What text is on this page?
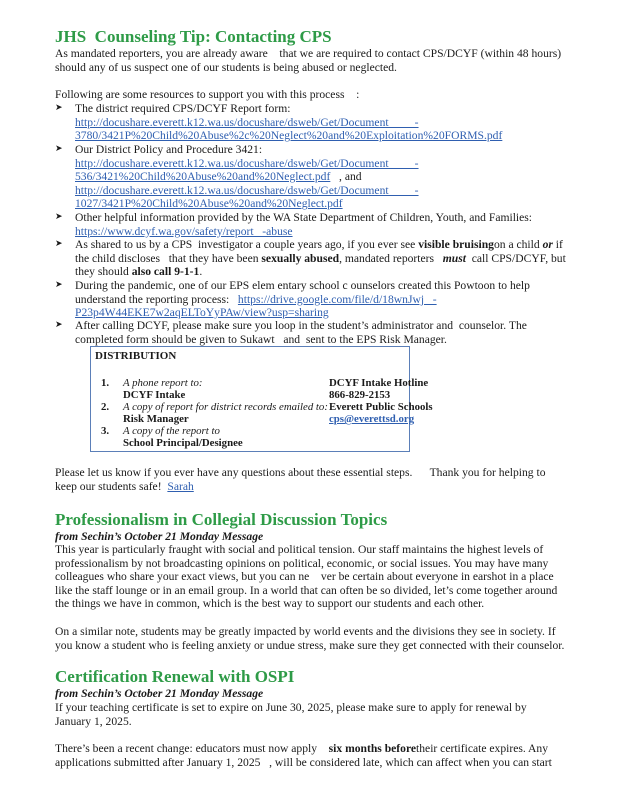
JHS  Counseling Tip: Contacting CPS
As mandated reporters, you are already aware    that we are required to contact CPS/DCYF (within 48 hours)
should any of us suspect one of our students is being abused or neglected.
Following are some resources to support you with this process    :
➤ The district required CPS/DCYF Report form:
http://docushare.everett.k12.wa.us/docushare/dsweb/Get/Document         -
3780/3421P%20Child%20Abuse%2c%20Neglect%20and%20Exploitation%20FORMS.pdf
➤ Our District Policy and Procedure 3421:
http://docushare.everett.k12.wa.us/docushare/dsweb/Get/Document         -
536/3421%20Child%20Abuse%20and%20Neglect.pdf   , and
http://docushare.everett.k12.wa.us/docushare/dsweb/Get/Document         -
1027/3421P%20Child%20Abuse%20and%20Neglect.pdf
➤ Other helpful information provided by the WA State Department of Children, Youth, and Families:
https://www.dcyf.wa.gov/safety/report   -abuse
➤ As shared to us by a CPS  investigator a couple years ago, if you ever see visible bruisingon a child or if
the child discloses   that they have been sexually abused, mandated reporters   must  call CPS/DCYF, but
they should also call 9-1-1.
➤ During the pandemic, one of our EPS elem entary school c ounselors created this Powtoon to help
understand the reporting process:   https://drive.google.com/file/d/18wnJwj   -
P23p4W44EKE7w2aqELToYyPAw/view?usp=sharing
➤ After calling DCYF, please make sure you loop in the student’s administrator and  counselor. The
completed form should be given to Sukawt   and  sent to the EPS Risk Manager.
DISTRIBUTION
1. A phone report to:
DCYF Intake
2. A copy of report for district records emailed to:
Risk Manager
3. A copy of the report to
School Principal/Designee
DCYF Intake Hotline
866-829-2153
Everett Public Schools
cps@everettsd.org
Please let us know if you ever have any questions about these essential steps.      Thank you for helping to
keep our students safe!  Sarah
Professionalism in Collegial Discussion Topics
from Sechin’s October 21 Monday Message
This year is particularly fraught with social and political tension. Our staff maintains the highest levels of
professionalism by not broadcasting opinions on political, economic, or social issues. You may have many
colleagues who share your exact views, but you can ne    ver be certain about everyone in earshot in a place
like the staff lounge or in an email group. In a world that can often be so divided, let’s come together around
the things we have in common, which is the best way to support our students and each other.
On a similar note, students may be greatly impacted by world events and the divisions they see in society. If
you know a student who is feeling anxiety or undue stress, make sure they get connected with their counselor.
Certification Renewal with OSPI
from Sechin’s October 21 Monday Message
If your teaching certificate is set to expire on June 30, 2025, please make sure to apply for renewal by
January 1, 2025.
There’s been a recent change: educators must now apply    six months beforetheir certificate expires. Any
applications submitted after January 1, 2025   , will be considered late, which can affect when you can start
